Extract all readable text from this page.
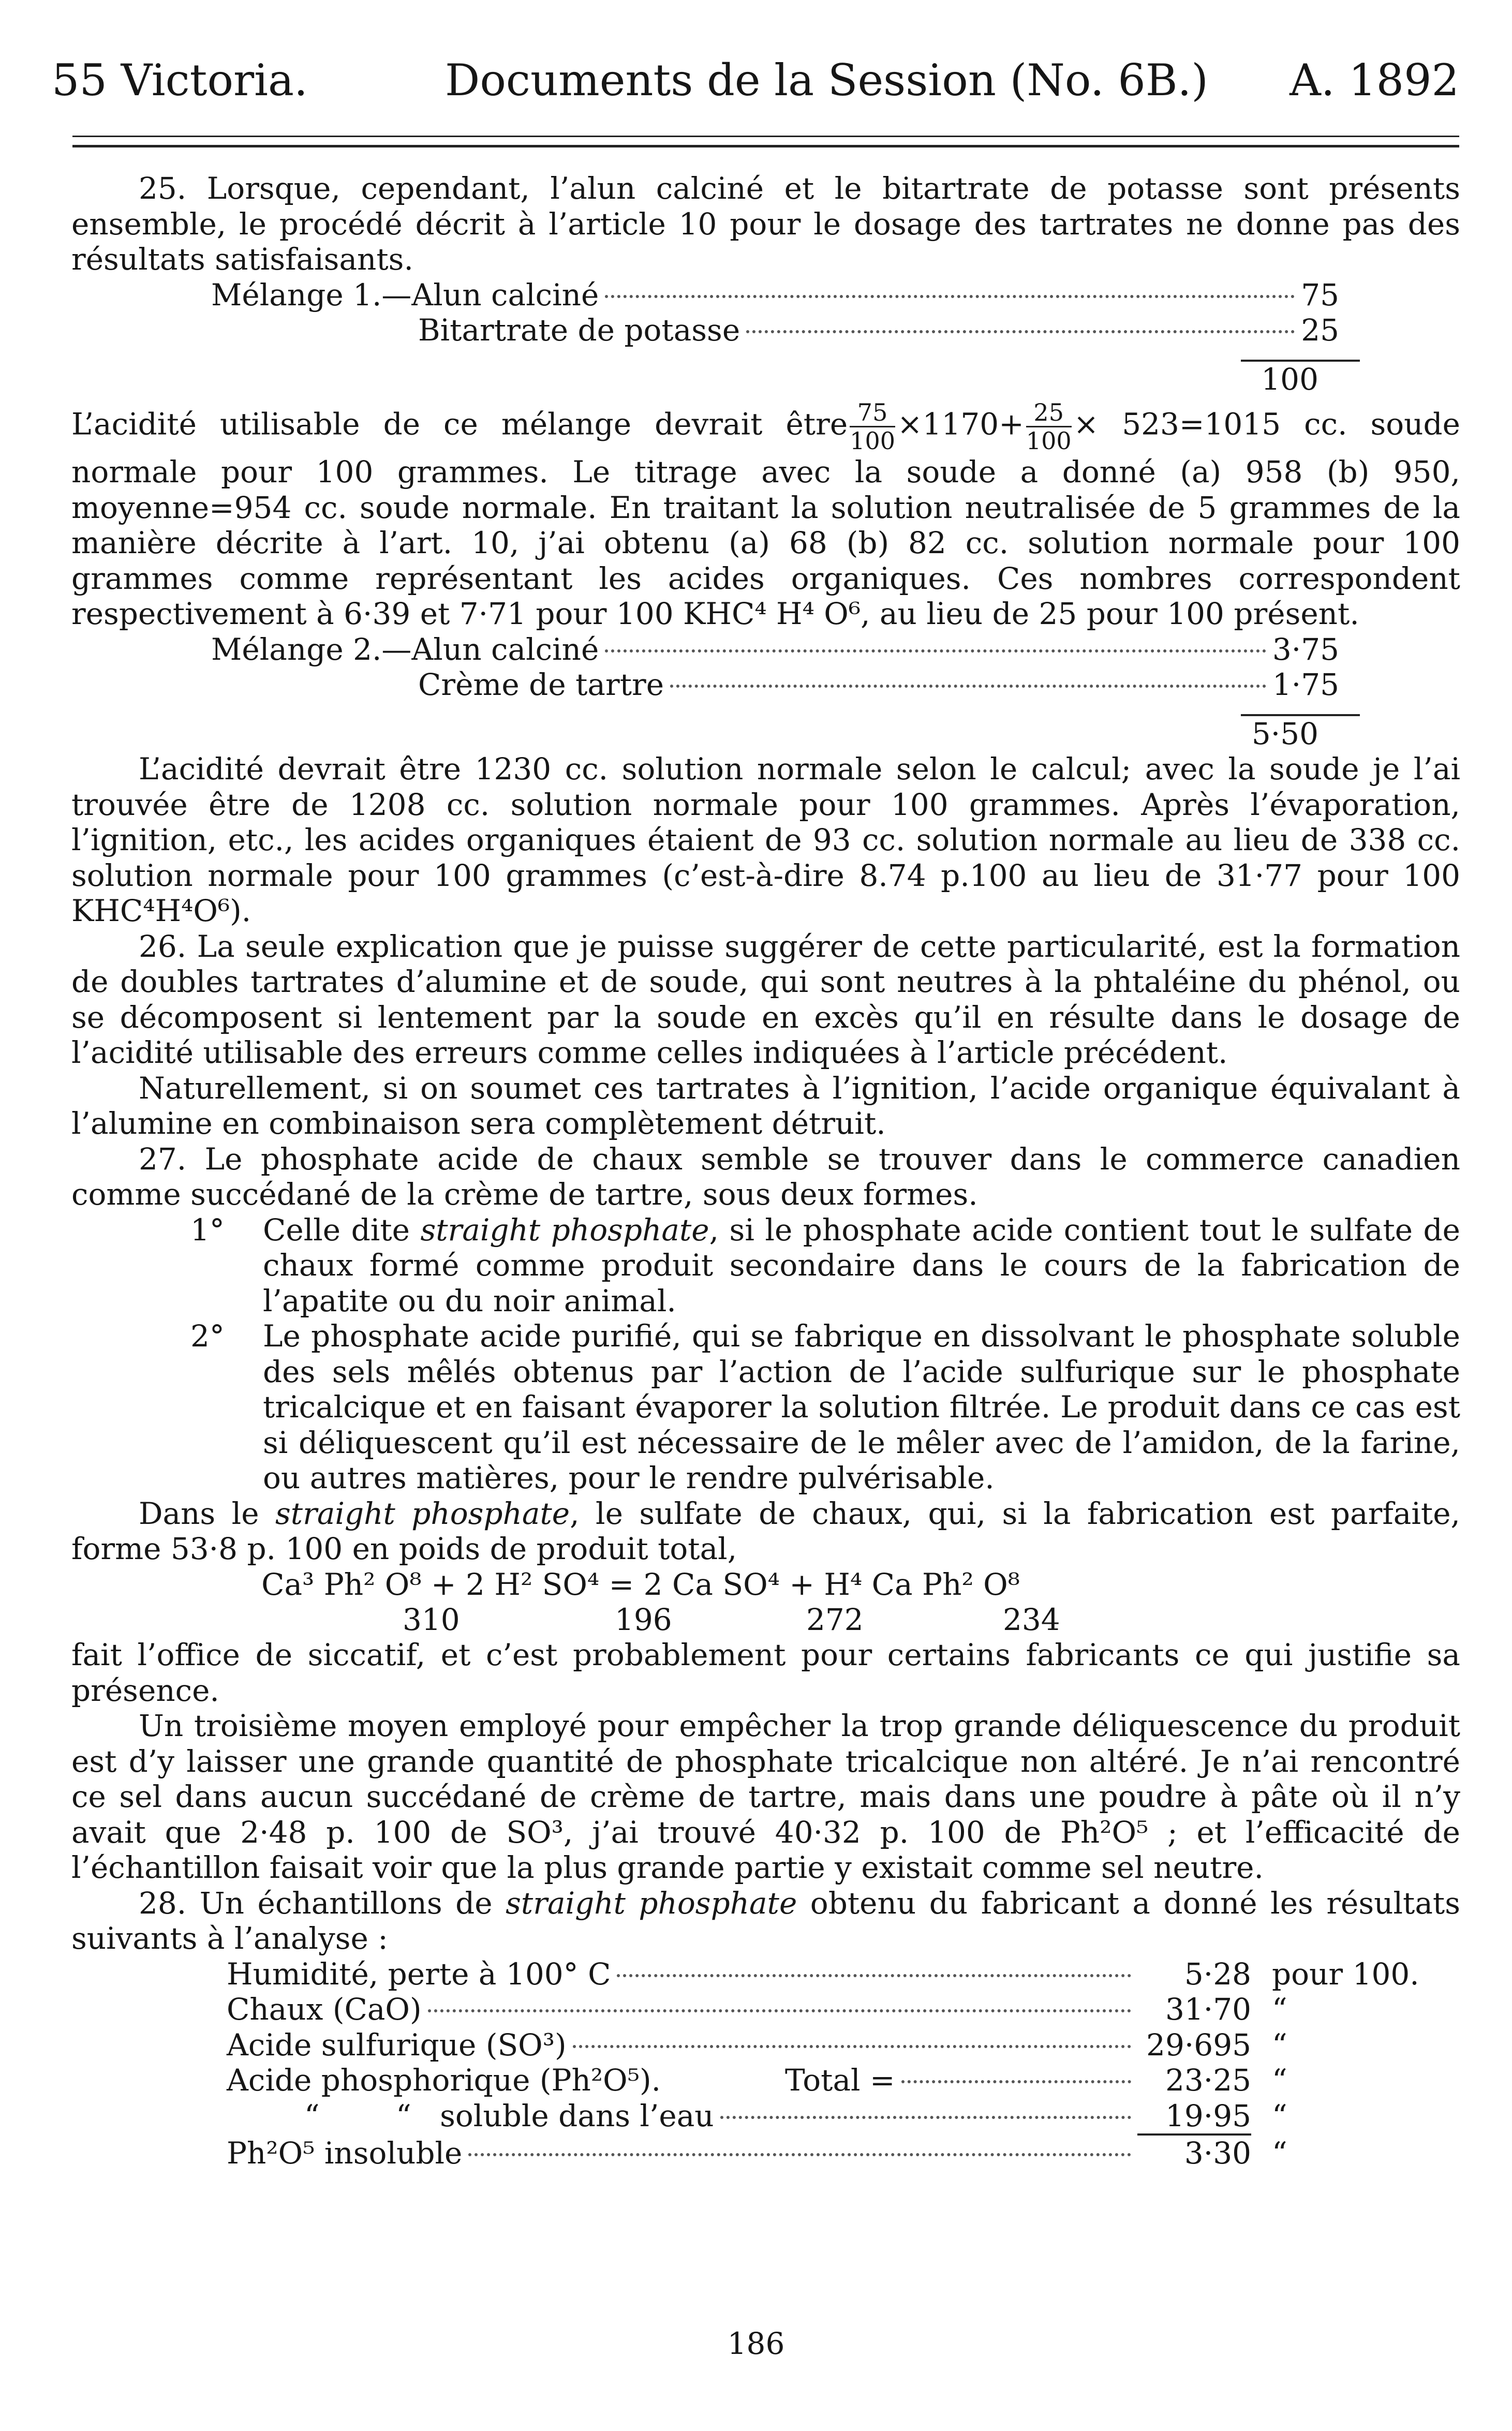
55 Victoria.	Documents de la Session (No. 6B.) A. 1892

25. Lorsque, cependant, l’alun calciné et le bitartrate de potasse sont présents ensemble, le procédé décrit à l’article 10 pour le dosage des tartrates ne donne pas des résultats satisfaisants.

Mélange 1.—Alun calciné	75
Bitartrate de potasse	25
100

L’acidité utilisable de ce mélange devrait être $\frac{75}{100} \times 1170+ \frac{25}{100} \times 523=1015$ cc. soude normale pour 100 grammes. Le titrage avec la soude a donné (a) 958 (b) 950, moyenne=954 cc. soude normale. En traitant la solution neutralisée de 5 grammes de la manière décrite à l’art. 10, j’ai obtenu (a) 68 (b) 82 cc. solution normale pour 100 grammes comme représentant les acides organiques. Ces nombres correspondent respectivement à 6·39 et 7·71 pour 100 KHC⁴ H⁴ O⁶, au lieu de 25 pour 100 présent.

Mélange 2.—Alun calciné	3·75
Crème de tartre	1·75
5·50

L’acidité devrait être 1230 cc. solution normale selon le calcul; avec la soude je l’ai trouvée être de 1208 cc. solution normale pour 100 grammes. Après l’évaporation, l’ignition, etc., les acides organiques étaient de 93 cc. solution normale au lieu de 338 cc. solution normale pour 100 grammes (c’est-à-dire 8.74 p.100 au lieu de 31·77 pour 100 KHC⁴H⁴O⁶).

26. La seule explication que je puisse suggérer de cette particularité, est la formation de doubles tartrates d’alumine et de soude, qui sont neutres à la phtaléine du phénol, ou se décomposent si lentement par la soude en excès qu’il en résulte dans le dosage de l’acidité utilisable des erreurs comme celles indiquées à l’article précédent.

Naturellement, si on soumet ces tartrates à l’ignition, l’acide organique équivalant à l’alumine en combinaison sera complètement détruit.

27. Le phosphate acide de chaux semble se trouver dans le commerce canadien comme succédané de la crème de tartre, sous deux formes.

1° Celle dite straight phosphate, si le phosphate acide contient tout le sulfate de chaux formé comme produit secondaire dans le cours de la fabrication de l’apatite ou du noir animal.
2° Le phosphate acide purifié, qui se fabrique en dissolvant le phosphate soluble des sels mêlés obtenus par l’action de l’acide sulfurique sur le phosphate tricalcique et en faisant évaporer la solution filtrée. Le produit dans ce cas est si déliquescent qu’il est nécessaire de le mêler avec de l’amidon, de la farine, ou autres matières, pour le rendre pulvérisable.

Dans le straight phosphate, le sulfate de chaux, qui, si la fabrication est parfaite, forme 53·8 p. 100 en poids de produit total,

Ca³ Ph² O⁸ + 2 H² SO⁴ = 2 Ca SO⁴ + H⁴ Ca Ph² O⁸
310	196	272	234

fait l’office de siccatif, et c’est probablement pour certains fabricants ce qui justifie sa présence.

Un troisième moyen employé pour empêcher la trop grande déliquescence du produit est d’y laisser une grande quantité de phosphate tricalcique non altéré. Je n’ai rencontré ce sel dans aucun succédané de crème de tartre, mais dans une poudre à pâte où il n’y avait que 2·48 p. 100 de SO³, j’ai trouvé 40·32 p. 100 de Ph²O⁵ ; et l’efficacité de l’échantillon faisait voir que la plus grande partie y existait comme sel neutre.

28. Un échantillons de straight phosphate obtenu du fabricant a donné les résultats suivants à l’analyse :

Humidité, perte à 100° C	5·28 pour 100.
Chaux (CaO)	31·70 “
Acide sulfurique (SO³)	29·695 “
Acide phosphorique (Ph²O⁵).	Total =	23·25 “
“        “   soluble dans l’eau	19·95 “
Ph²O⁵ insoluble	3·30 “
186
